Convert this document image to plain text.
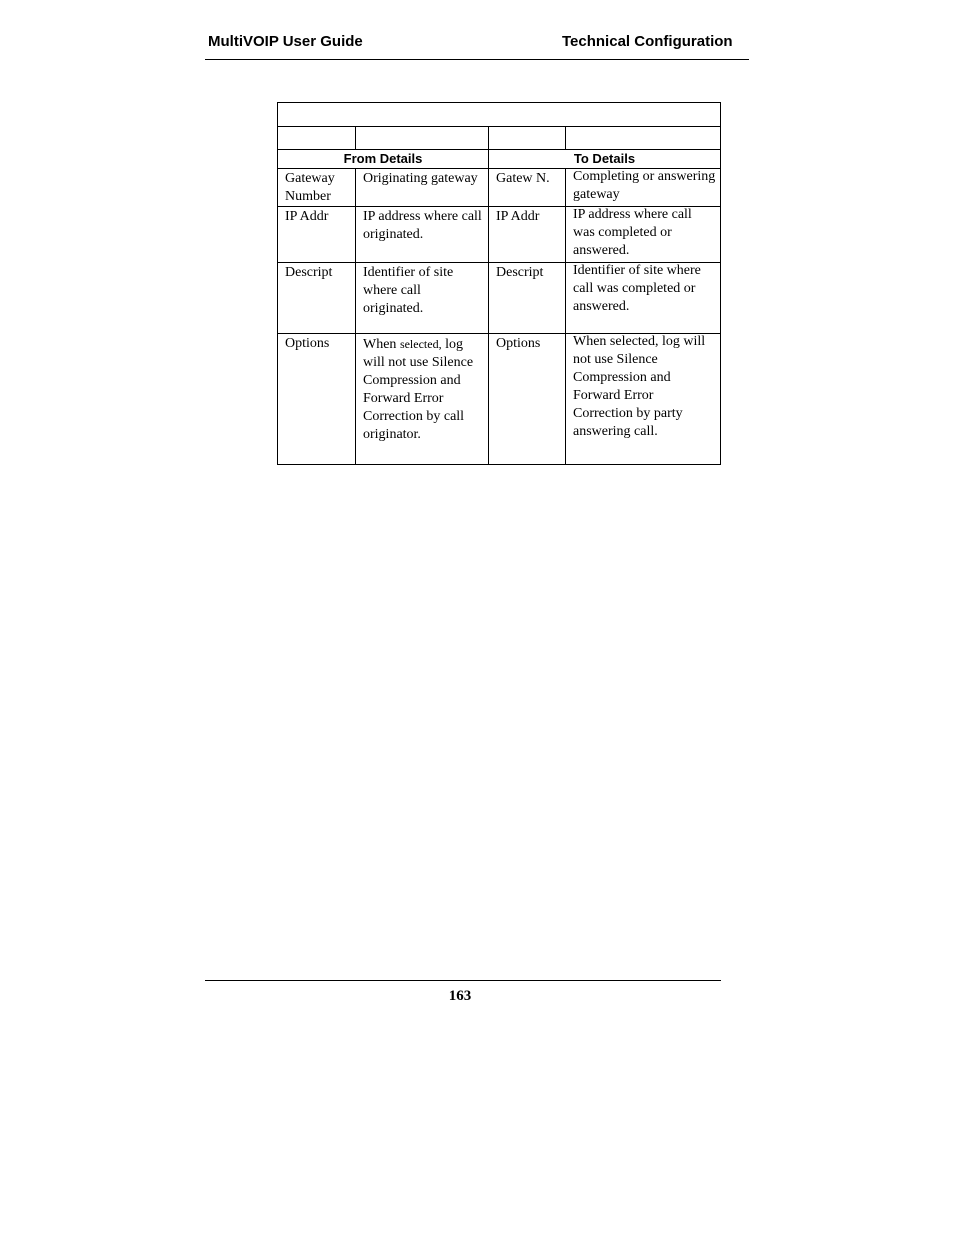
MultiVOIP User Guide	Technical Configuration

From Details		To Details	
Gateway Number	Originating gateway	Gatew N.	Completing or answering gateway

IP Addr	IP address where call originated.	IP Addr	IP address where call was completed or answered.

Descript	Identifier of site where call originated.	Descript	Identifier of site where call was completed or answered.

Options	When selected, log will not use Silence Compression and Forward Error Correction by call originator.	Options	When selected, log will not use Silence Compression and Forward Error Correction by party answering call.
163
